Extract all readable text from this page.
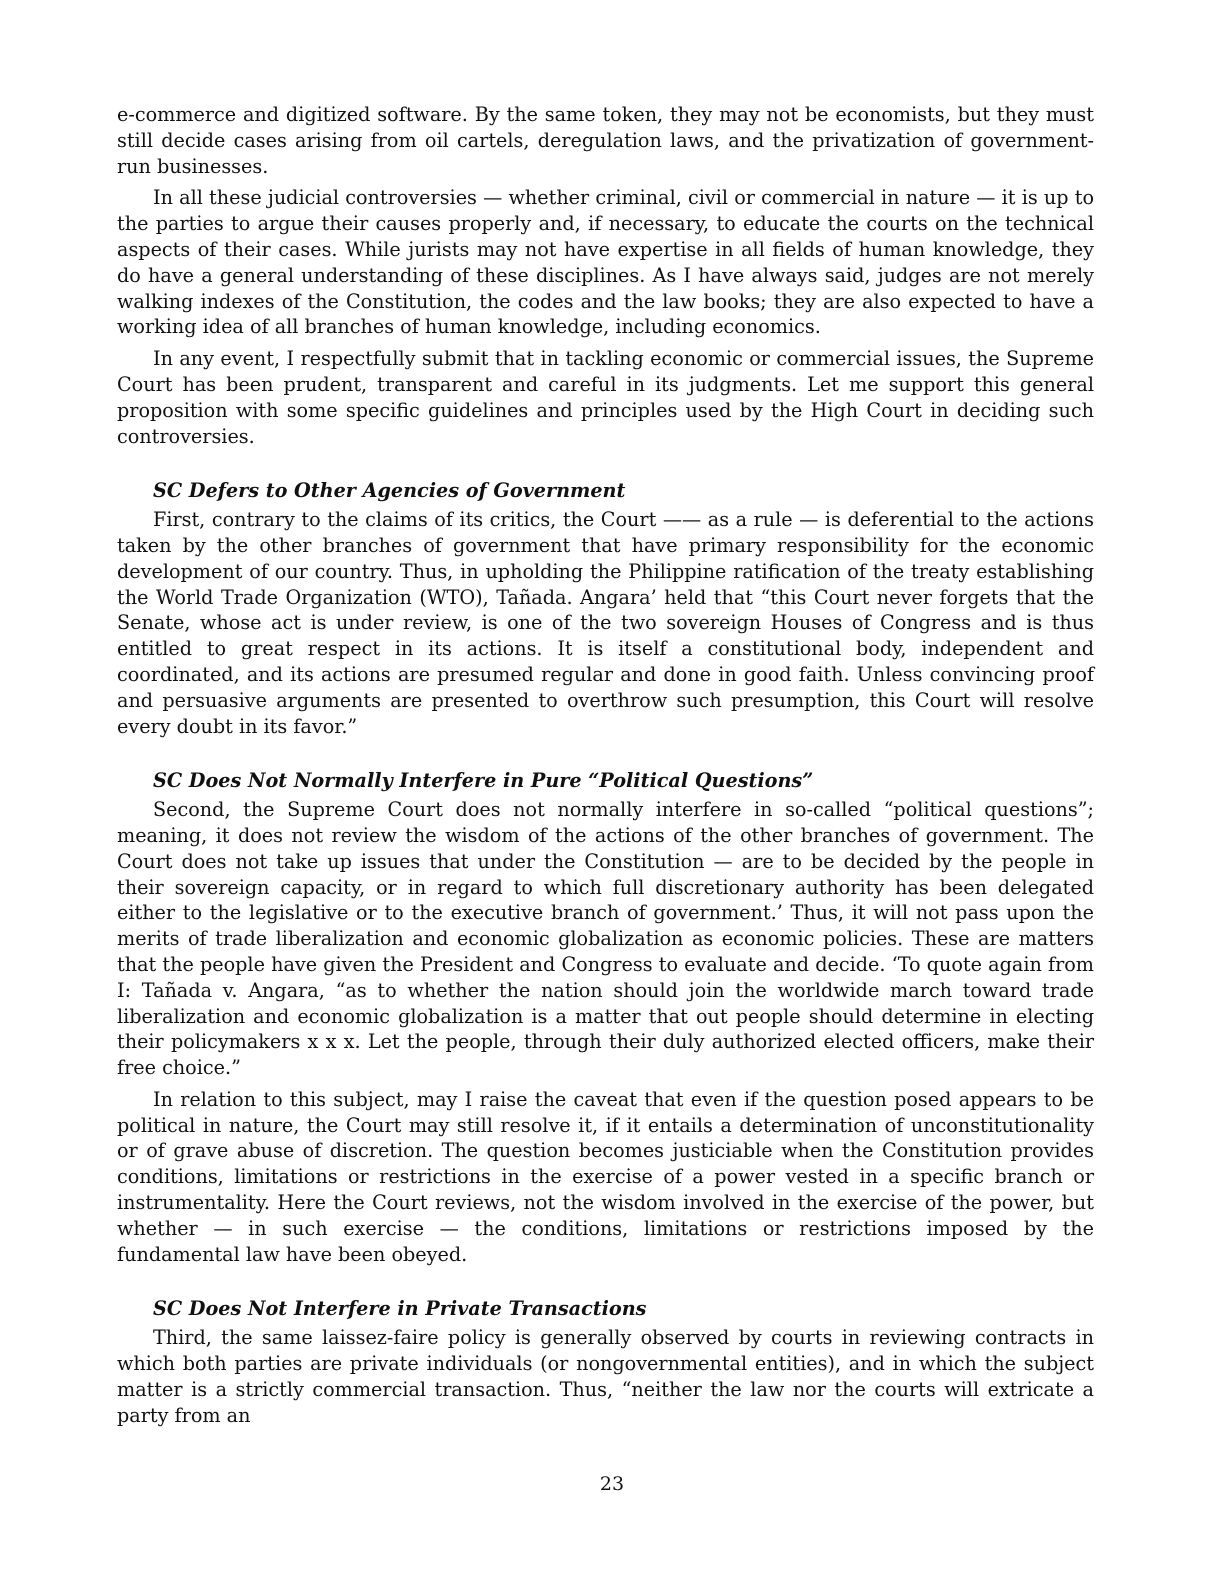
e-commerce and digitized software. By the same token, they may not be economists, but they must still decide cases arising from oil cartels, deregulation laws, and the privatization of government-run businesses.

In all these judicial controversies — whether criminal, civil or commercial in nature — it is up to the parties to argue their causes properly and, if necessary, to educate the courts on the technical aspects of their cases. While jurists may not have expertise in all fields of human knowledge, they do have a general understanding of these disciplines. As I have always said, judges are not merely walking indexes of the Constitution, the codes and the law books; they are also expected to have a working idea of all branches of human knowledge, including economics.

In any event, I respectfully submit that in tackling economic or commercial issues, the Supreme Court has been prudent, transparent and careful in its judgments. Let me support this general proposition with some specific guidelines and principles used by the High Court in deciding such controversies.

SC Defers to Other Agencies of Government

First, contrary to the claims of its critics, the Court —— as a rule — is deferential to the actions taken by the other branches of government that have primary responsibility for the economic development of our country. Thus, in upholding the Philippine ratification of the treaty establishing the World Trade Organization (WTO), Tañada. Angara’ held that “this Court never forgets that the Senate, whose act is under review, is one of the two sovereign Houses of Congress and is thus entitled to great respect in its actions. It is itself a constitutional body, independent and coordinated, and its actions are presumed regular and done in good faith. Unless convincing proof and persuasive arguments are presented to overthrow such presumption, this Court will resolve every doubt in its favor.”

SC Does Not Normally Interfere in Pure “Political Questions”

Second, the Supreme Court does not normally interfere in so-called “political questions”; meaning, it does not review the wisdom of the actions of the other branches of government. The Court does not take up issues that under the Constitution — are to be decided by the people in their sovereign capacity, or in regard to which full discretionary authority has been delegated either to the legislative or to the executive branch of government.’ Thus, it will not pass upon the merits of trade liberalization and economic globalization as economic policies. These are matters that the people have given the President and Congress to evaluate and decide. ‘To quote again from I: Tañada v. Angara, “as to whether the nation should join the worldwide march toward trade liberalization and economic globalization is a matter that out people should determine in electing their policymakers x x x. Let the people, through their duly authorized elected officers, make their free choice.”

In relation to this subject, may I raise the caveat that even if the question posed appears to be political in nature, the Court may still resolve it, if it entails a determination of unconstitutionality or of grave abuse of discretion. The question becomes justiciable when the Constitution provides conditions, limitations or restrictions in the exercise of a power vested in a specific branch or instrumentality. Here the Court reviews, not the wisdom involved in the exercise of the power, but whether — in such exercise — the conditions, limitations or restrictions imposed by the fundamental law have been obeyed.

SC Does Not Interfere in Private Transactions

Third, the same laissez-faire policy is generally observed by courts in reviewing contracts in which both parties are private individuals (or nongovernmental entities), and in which the subject matter is a strictly commercial transaction. Thus, “neither the law nor the courts will extricate a party from an

23
